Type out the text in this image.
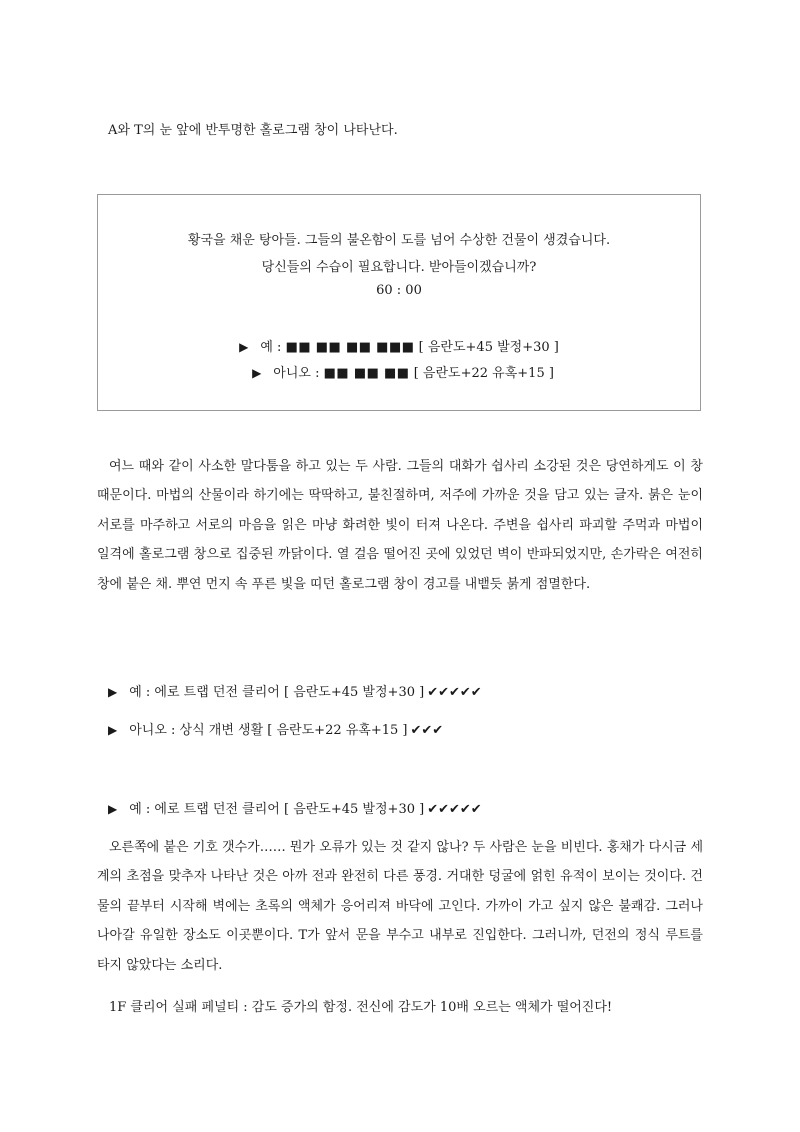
A와 T의 눈 앞에 반투명한 홀로그램 창이 나타난다.
황국을 채운 탕아들. 그들의 불온함이 도를 넘어 수상한 건물이 생겼습니다.
당신들의 수습이 필요합니다. 받아들이겠습니까?
60 : 00
▶ 예 : ■■ ■■ ■■ ■■■ [ 음란도+45 발정+30 ]
▶ 아니오 : ■■ ■■ ■■ [ 음란도+22 유혹+15 ]
여느 때와 같이 사소한 말다툼을 하고 있는 두 사람. 그들의 대화가 쉽사리 소강된 것은 당연하게도 이 창 때문이다. 마법의 산물이라 하기에는 딱딱하고, 불친절하며, 저주에 가까운 것을 담고 있는 글자. 붉은 눈이 서로를 마주하고 서로의 마음을 읽은 마냥 화려한 빛이 터져 나온다. 주변을 쉽사리 파괴할 주먹과 마법이 일격에 홀로그램 창으로 집중된 까닭이다. 열 걸음 떨어진 곳에 있었던 벽이 반파되었지만, 손가락은 여전히 창에 붙은 채. 뿌연 먼지 속 푸른 빛을 띠던 홀로그램 창이 경고를 내뱉듯 붉게 점멸한다.
▶ 예 : 에로 트랩 던전 클리어 [ 음란도+45 발정+30 ] ✔✔✔✔✔
▶ 아니오 : 상식 개변 생활 [ 음란도+22 유혹+15 ] ✔✔✔
▶ 예 : 에로 트랩 던전 클리어 [ 음란도+45 발정+30 ] ✔✔✔✔✔
오른쪽에 붙은 기호 갯수가…… 뭔가 오류가 있는 것 같지 않나? 두 사람은 눈을 비빈다. 홍채가 다시금 세계의 초점을 맞추자 나타난 것은 아까 전과 완전히 다른 풍경. 거대한 덩굴에 얽힌 유적이 보이는 것이다. 건물의 끝부터 시작해 벽에는 초록의 액체가 응어리져 바닥에 고인다. 가까이 가고 싶지 않은 불쾌감. 그러나 나아갈 유일한 장소도 이곳뿐이다. T가 앞서 문을 부수고 내부로 진입한다. 그러니까, 던전의 정식 루트를 타지 않았다는 소리다.
1F 클리어 실패 페널티 : 감도 증가의 함정. 전신에 감도가 10배 오르는 액체가 떨어진다!
